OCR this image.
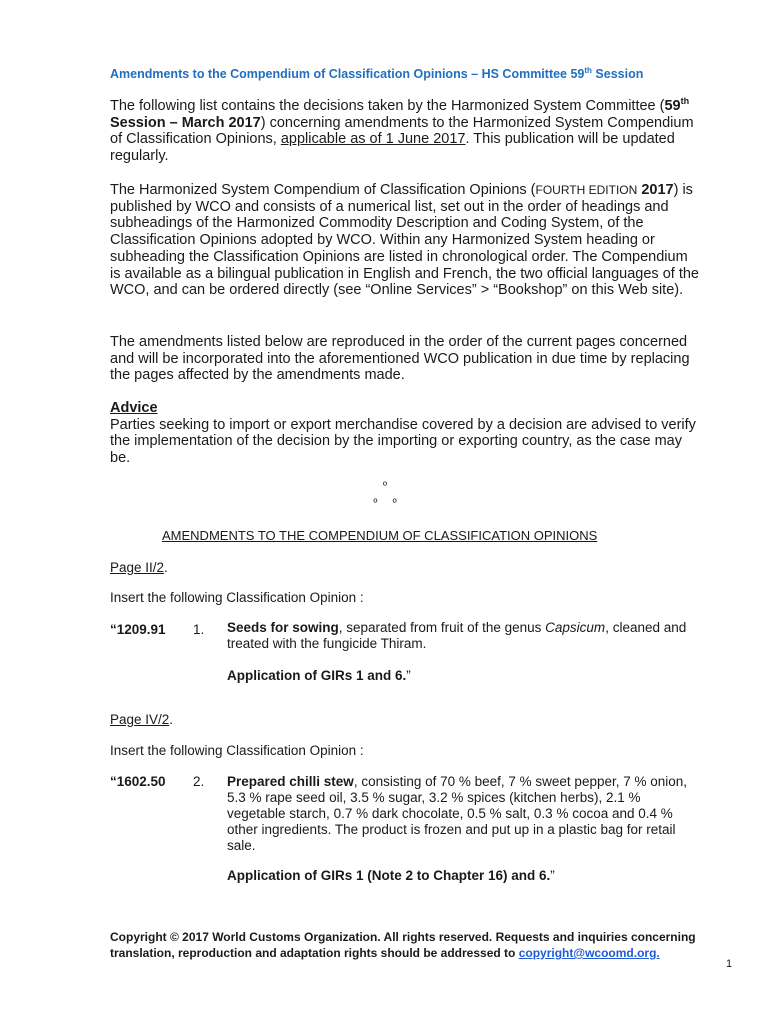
Amendments to the Compendium of Classification Opinions – HS Committee 59th Session
The following list contains the decisions taken by the Harmonized System Committee (59th Session – March 2017) concerning amendments to the Harmonized System Compendium of Classification Opinions, applicable as of 1 June 2017. This publication will be updated regularly.
The Harmonized System Compendium of Classification Opinions (FOURTH EDITION 2017) is published by WCO and consists of a numerical list, set out in the order of headings and subheadings of the Harmonized Commodity Description and Coding System, of the Classification Opinions adopted by WCO. Within any Harmonized System heading or subheading the Classification Opinions are listed in chronological order. The Compendium is available as a bilingual publication in English and French, the two official languages of the WCO, and can be ordered directly (see “Online Services” > “Bookshop” on this Web site).
The amendments listed below are reproduced in the order of the current pages concerned and will be incorporated into the aforementioned WCO publication in due time by replacing the pages affected by the amendments made.
Advice
Parties seeking to import or export merchandise covered by a decision are advised to verify the implementation of the decision by the importing or exporting country, as the case may be.
º
º     º
AMENDMENTS TO THE COMPENDIUM OF CLASSIFICATION OPINIONS
Page II/2.
Insert the following Classification Opinion :
“1209.91 1. Seeds for sowing, separated from fruit of the genus Capsicum, cleaned and treated with the fungicide Thiram.
Application of GIRs 1 and 6.”
Page IV/2.
Insert the following Classification Opinion :
“1602.50 2. Prepared chilli stew, consisting of 70 % beef, 7 % sweet pepper, 7 % onion, 5.3 % rape seed oil, 3.5 % sugar, 3.2 % spices (kitchen herbs), 2.1 % vegetable starch, 0.7 % dark chocolate, 0.5 % salt, 0.3 % cocoa and 0.4 % other ingredients. The product is frozen and put up in a plastic bag for retail sale.
Application of GIRs 1 (Note 2 to Chapter 16) and 6.”
Copyright © 2017 World Customs Organization. All rights reserved. Requests and inquiries concerning translation, reproduction and adaptation rights should be addressed to copyright@wcoomd.org.
1
